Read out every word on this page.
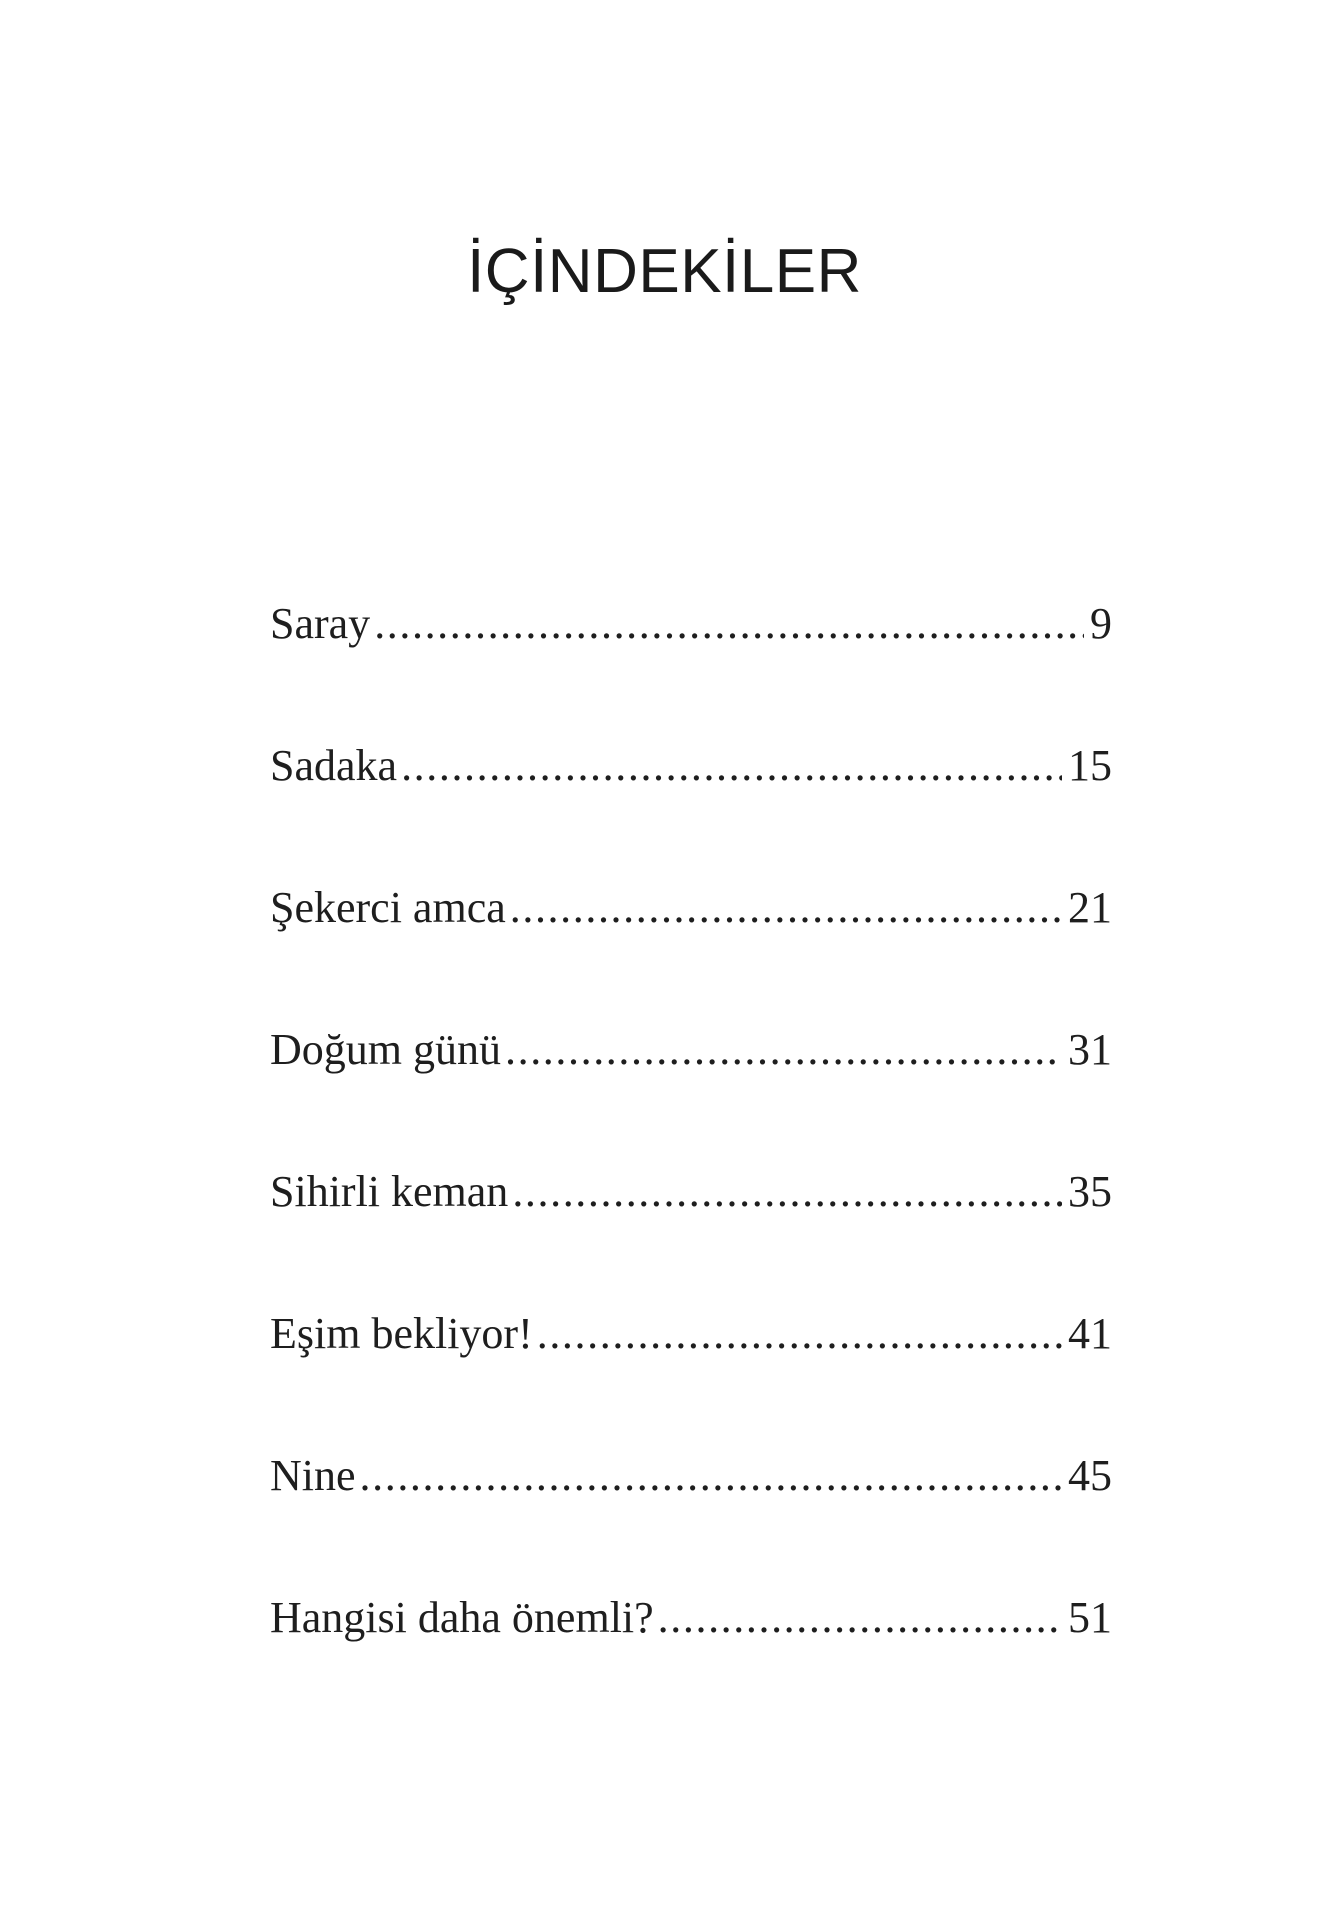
İÇİNDEKİLER
Saray .....	9
Sadaka .....	15
Şekerci amca .....	21
Doğum günü .....	31
Sihirli keman .....	35
Eşim bekliyor! .....	41
Nine .....	45
Hangisi daha önemli? .....	51
